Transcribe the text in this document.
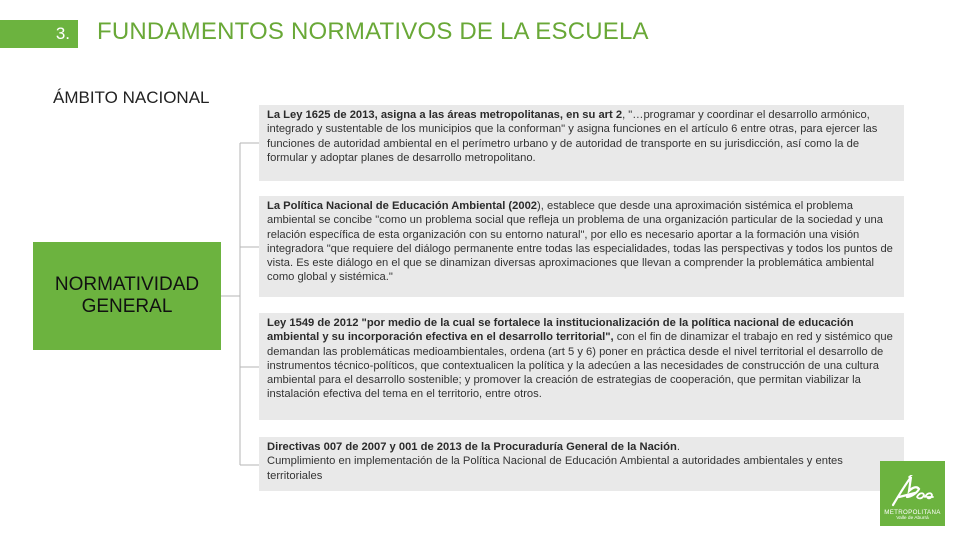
3. FUNDAMENTOS NORMATIVOS DE LA ESCUELA
ÁMBITO NACIONAL
NORMATIVIDAD
GENERAL
La Ley 1625 de 2013, asigna a las áreas metropolitanas, en su art 2, "…programar y coordinar el desarrollo armónico, integrado y sustentable de los municipios que la conforman" y asigna funciones en el artículo 6 entre otras, para ejercer las funciones de autoridad ambiental en el perímetro urbano y de autoridad de transporte en su jurisdicción, así como la de formular y adoptar planes de desarrollo metropolitano.
La Política Nacional de Educación Ambiental (2002), establece que desde una aproximación sistémica el problema ambiental se concibe "como un problema social que refleja un problema de una organización particular de la sociedad y una relación específica de esta organización con su entorno natural", por ello es necesario aportar a la formación una visión integradora "que requiere del diálogo permanente entre todas las especialidades, todas las perspectivas y todos los puntos de vista. Es este diálogo en el que se dinamizan diversas aproximaciones que llevan a comprender la problemática ambiental como global y sistémica."
Ley 1549 de 2012 "por medio de la cual se fortalece la institucionalización de la política nacional de educación ambiental y su incorporación efectiva en el desarrollo territorial", con el fin de dinamizar el trabajo en red y sistémico que demandan las problemáticas medioambientales, ordena (art 5 y 6) poner en práctica desde el nivel territorial el desarrollo de instrumentos técnico-políticos, que contextualicen la política y la adecúen a las necesidades de construcción de una cultura ambiental para el desarrollo sostenible; y promover la creación de estrategias de cooperación, que permitan viabilizar la instalación efectiva del tema en el territorio, entre otros.
Directivas 007 de 2007 y 001 de 2013 de la Procuraduría General de la Nación.
Cumplimiento en implementación de la Política Nacional de Educación Ambiental a autoridades ambientales y entes territoriales
METROPOLITANA
Valle de Aburrá
